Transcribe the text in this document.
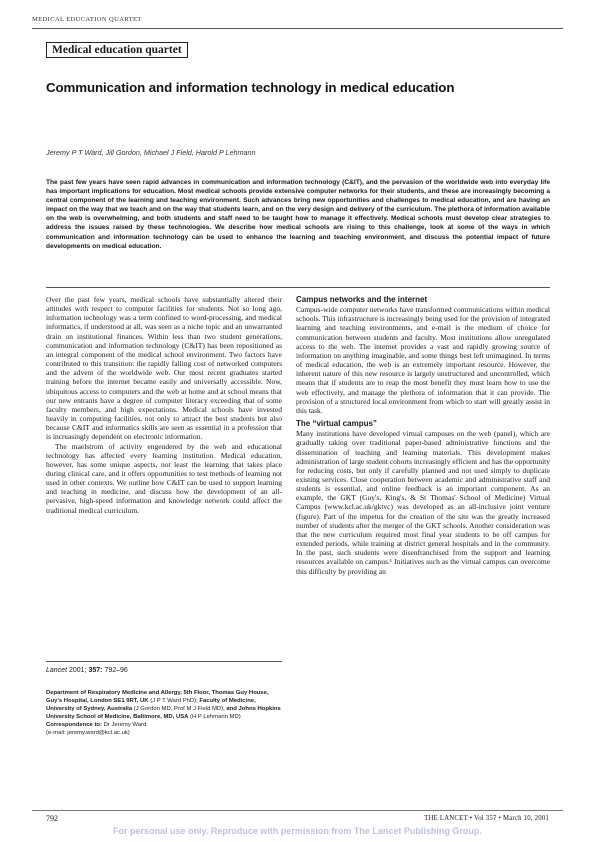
MEDICAL EDUCATION QUARTET
Medical education quartet
Communication and information technology in medical education
Jeremy P T Ward, Jill Gordon, Michael J Field, Harold P Lehmann
The past few years have seen rapid advances in communication and information technology (C&IT), and the pervasion of the worldwide web into everyday life has important implications for education. Most medical schools provide extensive computer networks for their students, and these are increasingly becoming a central component of the learning and teaching environment. Such advances bring new opportunities and challenges to medical education, and are having an impact on the way that we teach and on the way that students learn, and on the very design and delivery of the curriculum. The plethora of information available on the web is overwhelming, and both students and staff need to be taught how to manage it effectively. Medical schools must develop clear strategies to address the issues raised by these technologies. We describe how medical schools are rising to this challenge, look at some of the ways in which communication and information technology can be used to enhance the learning and teaching environment, and discuss the potential impact of future developments on medical education.

Over the past few years, medical schools have substantially altered their attitudes with respect to computer facilities for students. Not so long ago, information technology was a term confined to word-processing, and medical informatics, if understood at all, was seen as a niche topic and an unwarranted drain on institutional finances. Within less than two student generations, communication and information technology (C&IT) has been repositioned as an integral component of the medical school environment. Two factors have contributed to this transition: the rapidly falling cost of networked computers and the advent of the worldwide web. Our most recent graduates started training before the internet became easily and universally accessible. Now, ubiquitous access to computers and the web at home and at school means that our new entrants have a degree of computer literacy exceeding that of some faculty members, and high expectations. Medical schools have invested heavily in computing facilities, not only to attract the best students but also because C&IT and informatics skills are seen as essential in a profession that is increasingly dependent on electronic information.

The maelstrom of activity engendered by the web and educational technology has affected every learning institution. Medical education, however, has some unique aspects, not least the learning that takes place during clinical care, and it offers opportunities to test methods of learning not used in other contexts. We outline how C&IT can be used to support learning and teaching in medicine, and discuss how the development of an all-pervasive, high-speed information and knowledge network could affect the traditional medical curriculum.

Lancet 2001; 357: 792–96
Department of Respiratory Medicine and Allergy, 5th Floor, Thomas Guy House, Guy's Hospital, London SE1 9RT, UK (J P T Ward PhD); Faculty of Medicine, University of Sydney, Australia (J Gordon MD, Prof M J Field MD); and Johns Hopkins University School of Medicine, Baltimore, MD, USA (H P Lehmann MD)
Correspondence to: Dr Jeremy Ward
(e-mail: jeremy.ward@kcl.ac.uk)
Campus networks and the internet

Campus-wide computer networks have transformed communications within medical schools. This infrastructure is increasingly being used for the provision of integrated learning and teaching environments, and e-mail is the medium of choice for communication between students and faculty. Most institutions allow unregulated access to the web. The internet provides a vast and rapidly growing source of information on anything imaginable, and some things best left unimagined. In terms of medical education, the web is an extremely important resource. However, the inherent nature of this new resource is largely unstructured and uncontrolled, which means that if students are to reap the most benefit they must learn how to use the web effectively, and manage the plethora of information that it can provide. The provision of a structured local environment from which to start will greatly assist in this task.

The “virtual campus”

Many institutions have developed virtual campuses on the web (panel), which are gradually taking over traditional paper-based administrative functions and the dissemination of teaching and learning materials. This development makes administration of large student cohorts increasingly efficient and has the opportunity for reducing costs, but only if carefully planned and not used simply to duplicate existing services. Close cooperation between academic and administrative staff and students is essential, and online feedback is an important component. As an example, the GKT (Guy's, King's, & St Thomas' School of Medicine) Virtual Campus (www.kcl.ac.uk/gktvc) was developed as an all-inclusive joint venture (figure). Part of the impetus for the creation of the site was the greatly increased number of students after the merger of the GKT schools. Another consideration was that the new curriculum required most final year students to be off campus for extended periods, while training at district general hospitals and in the community. In the past, such students were disenfranchised from the support and learning resources available on campus.¹ Initiatives such as the virtual campus can overcome this difficulty by providing an

792	THE LANCET • Vol 357 • March 10, 2001
For personal use only. Reproduce with permission from The Lancet Publishing Group.
